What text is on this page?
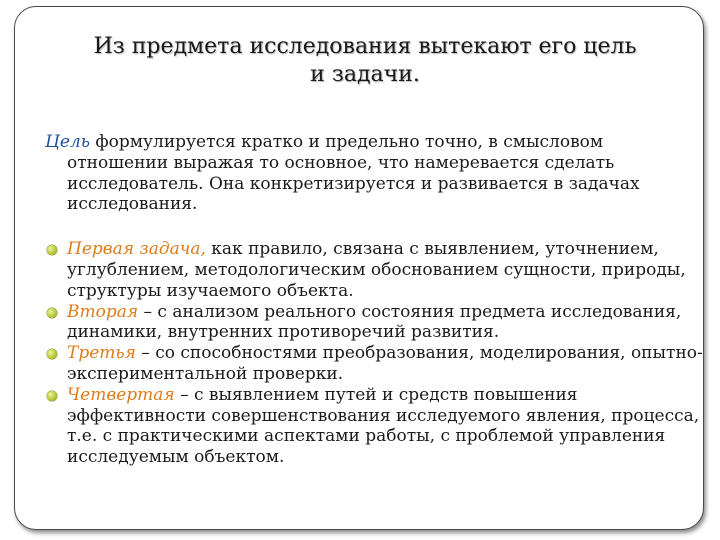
Из предмета исследования вытекают его цель
и задачи.

Цель формулируется кратко и предельно точно, в смысловом отношении выражая то основное, что намеревается сделать исследователь. Она конкретизируется и развивается в задачах исследования.

Первая задача, как правило, связана с выявлением, уточнением, углублением, методологическим обоснованием сущности, природы, структуры изучаемого объекта.
Вторая – с анализом реального состояния предмета исследования, динамики, внутренних противоречий развития.
Третья – со способностями преобразования, моделирования, опытно-экспериментальной проверки.
Четвертая – с выявлением путей и средств повышения эффективности совершенствования исследуемого явления, процесса, т.е. с практическими аспектами работы, с проблемой управления исследуемым объектом.
